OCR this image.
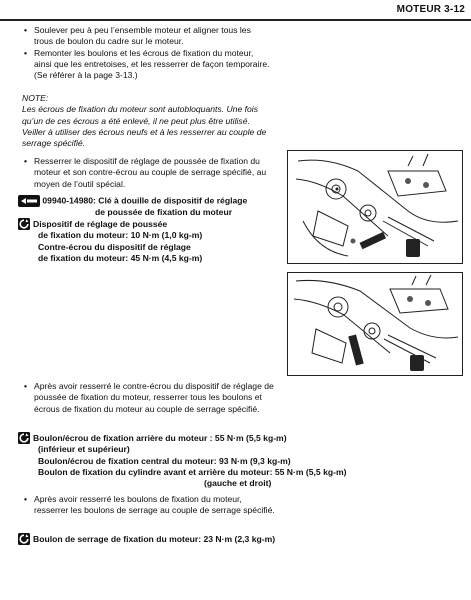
MOTEUR 3-12
• Soulever peu à peu l’ensemble moteur et aligner tous les trous de boulon du cadre sur le moteur.
• Remonter les boulons et les écrous de fixation du moteur, ainsi que les entretoises, et les resserrer de façon temporaire. (Se référer à la page 3-13.)
NOTE:
Les écrous de fixation du moteur sont autobloquants. Une fois qu’un de ces écrous a été enlevé, il ne peut plus être utilisé. Veiller à utiliser des écrous neufs et à les resserrer au couple de serrage spécifié.
• Resserrer le dispositif de réglage de poussée de fixation du moteur et son contre-écrou au couple de serrage spécifié, au moyen de l’outil spécial.
09940-14980: Clé à douille de dispositif de réglage
de poussée de fixation du moteur
Dispositif de réglage de poussée
de fixation du moteur: 10 N·m (1,0 kg-m)
Contre-écrou du dispositif de réglage
de fixation du moteur: 45 N·m (4,5 kg-m)
• Après avoir resserré le contre-écrou du dispositif de réglage de poussée de fixation du moteur, resserrer tous les boulons et écrous de fixation du moteur au couple de serrage spécifié.
Boulon/écrou de fixation arrière du moteur : 55 N·m (5,5 kg-m)
(inférieur et supérieur)
Boulon/écrou de fixation central du moteur: 93 N·m (9,3 kg-m)
Boulon de fixation du cylindre avant et arrière du moteur: 55 N·m (5,5 kg-m)
(gauche et droit)
• Après avoir resserré les boulons de fixation du moteur, resserrer les boulons de serrage au couple de serrage spécifié.
Boulon de serrage de fixation du moteur: 23 N·m (2,3 kg-m)
